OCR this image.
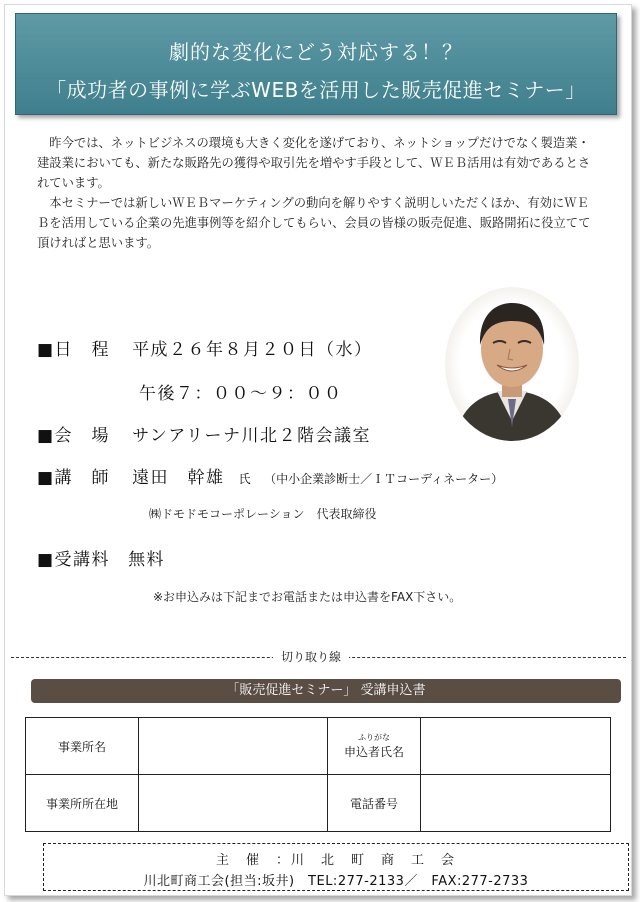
劇的な変化にどう対応する！？
「成功者の事例に学ぶWEBを活用した販売促進セミナー」

昨今では、ネットビジネスの環境も大きく変化を遂げており、ネットショップだけでなく製造業・建設業においても、新たな販路先の獲得や取引先を増やす手段として、ＷＥＢ活用は有効であるとされています。

本セミナーでは新しいＷＥＢマーケティングの動向を解りやすく説明しいただくほか、有効にＷＥＢを活用している企業の先進事例等を紹介してもらい、会員の皆様の販売促進、販路開拓に役立てて頂ければと思います。

■日　程 平成２６年８月２０日（水）
午後７：００～９：００
■会　場 サンアリーナ川北２階会議室
■講　師 遠田　幹雄 氏 （中小企業診断士／ＩＴコーディネーター）
㈱ドモドモコーポレーション　代表取締役
■受講料 無料
※お申込みは下記までお電話または申込書をFAX下さい。
切り取り線
「販売促進セミナー」 受講申込書
事業所名		ふりがな
申込者氏名	
事業所所在地		電話番号	
主　催　：川　北　町　商　工　会
川北町商工会(担当:坂井)　TEL:277-2133／　FAX:277-2733
